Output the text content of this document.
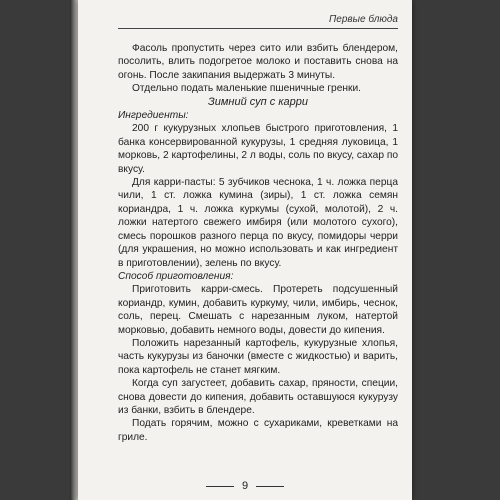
Первые блюда

Фасоль пропустить через сито или взбить блендером, посолить, влить подогретое молоко и поставить снова на огонь. После закипания выдержать 3 минуты.

Отдельно подать маленькие пшеничные гренки.

Зимний суп с карри

Ингредиенты:

200 г кукурузных хлопьев быстрого приготовления, 1 банка консервированной кукурузы, 1 средняя луковица, 1 морковь, 2 картофелины, 2 л воды, соль по вкусу, сахар по вкусу.

Для карри-пасты: 5 зубчиков чеснока, 1 ч. ложка перца чили, 1 ст. ложка кумина (зиры), 1 ст. ложка семян кориандра, 1 ч. ложка куркумы (сухой, молотой), 2 ч. ложки натертого свежего имбиря (или молотого сухого), смесь порошков разного перца по вкусу, помидоры черри (для украшения, но можно использовать и как ингредиент в приготовлении), зелень по вкусу.

Способ приготовления:

Приготовить карри-смесь. Протереть подсушенный кориандр, кумин, добавить куркуму, чили, имбирь, чеснок, соль, перец. Смешать с нарезанным луком, натертой морковью, добавить немного воды, довести до кипения.

Положить нарезанный картофель, кукурузные хлопья, часть кукурузы из баночки (вместе с жидкостью) и варить, пока картофель не станет мягким.

Когда суп загустеет, добавить сахар, пряности, специи, снова довести до кипения, добавить оставшуюся кукурузу из банки, взбить в блендере.

Подать горячим, можно с сухариками, креветками на гриле.

9
